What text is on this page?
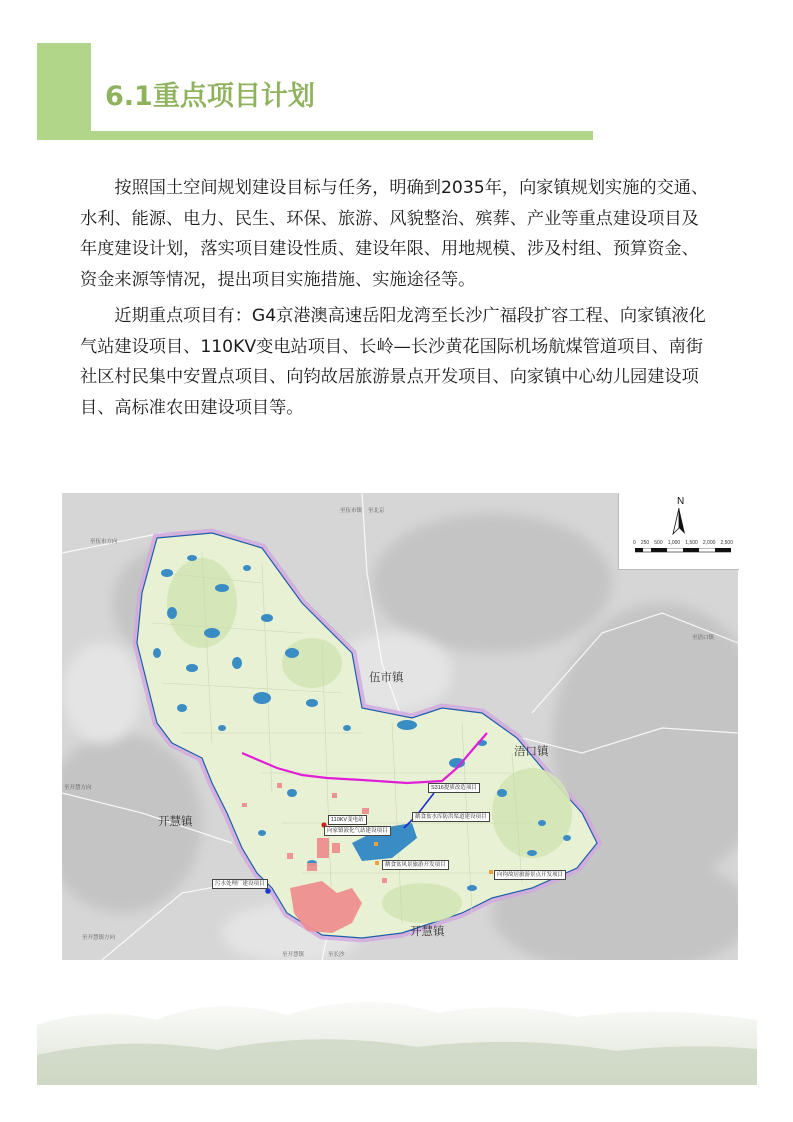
6.1重点项目计划

按照国土空间规划建设目标与任务，明确到2035年，向家镇规划实施的交通、水利、能源、电力、民生、环保、旅游、风貌整治、殡葬、产业等重点建设项目及年度建设计划，落实项目建设性质、建设年限、用地规模、涉及村组、预算资金、资金来源等情况，提出项目实施措施、实施途径等。

近期重点项目有：G4京港澳高速岳阳龙湾至长沙广福段扩容工程、向家镇液化气站建设项目、110KV变电站项目、长岭—长沙黄花国际机场航煤管道项目、南街社区村民集中安置点项目、向钧故居旅游景点开发项目、向家镇中心幼儿园建设项目、高标准农田建设项目等。

伍市镇
浯口镇
开慧镇
开慧镇
至伍市镇 至北京
至伍市方向
至开慧方向
至浯口镇
至开慧镇	至长沙
至开慧镇方向
S316提质改造项目
110KV变电站
向家镇液化气站建设项目
鹅食盆水库防洪渠道建设项目
鹅食盆风景旅游开发项目
向钧故居旅游景点开发项目
污水处理厂建设项目
N
0 250 500 1,000 1,500 2,000 2,500
